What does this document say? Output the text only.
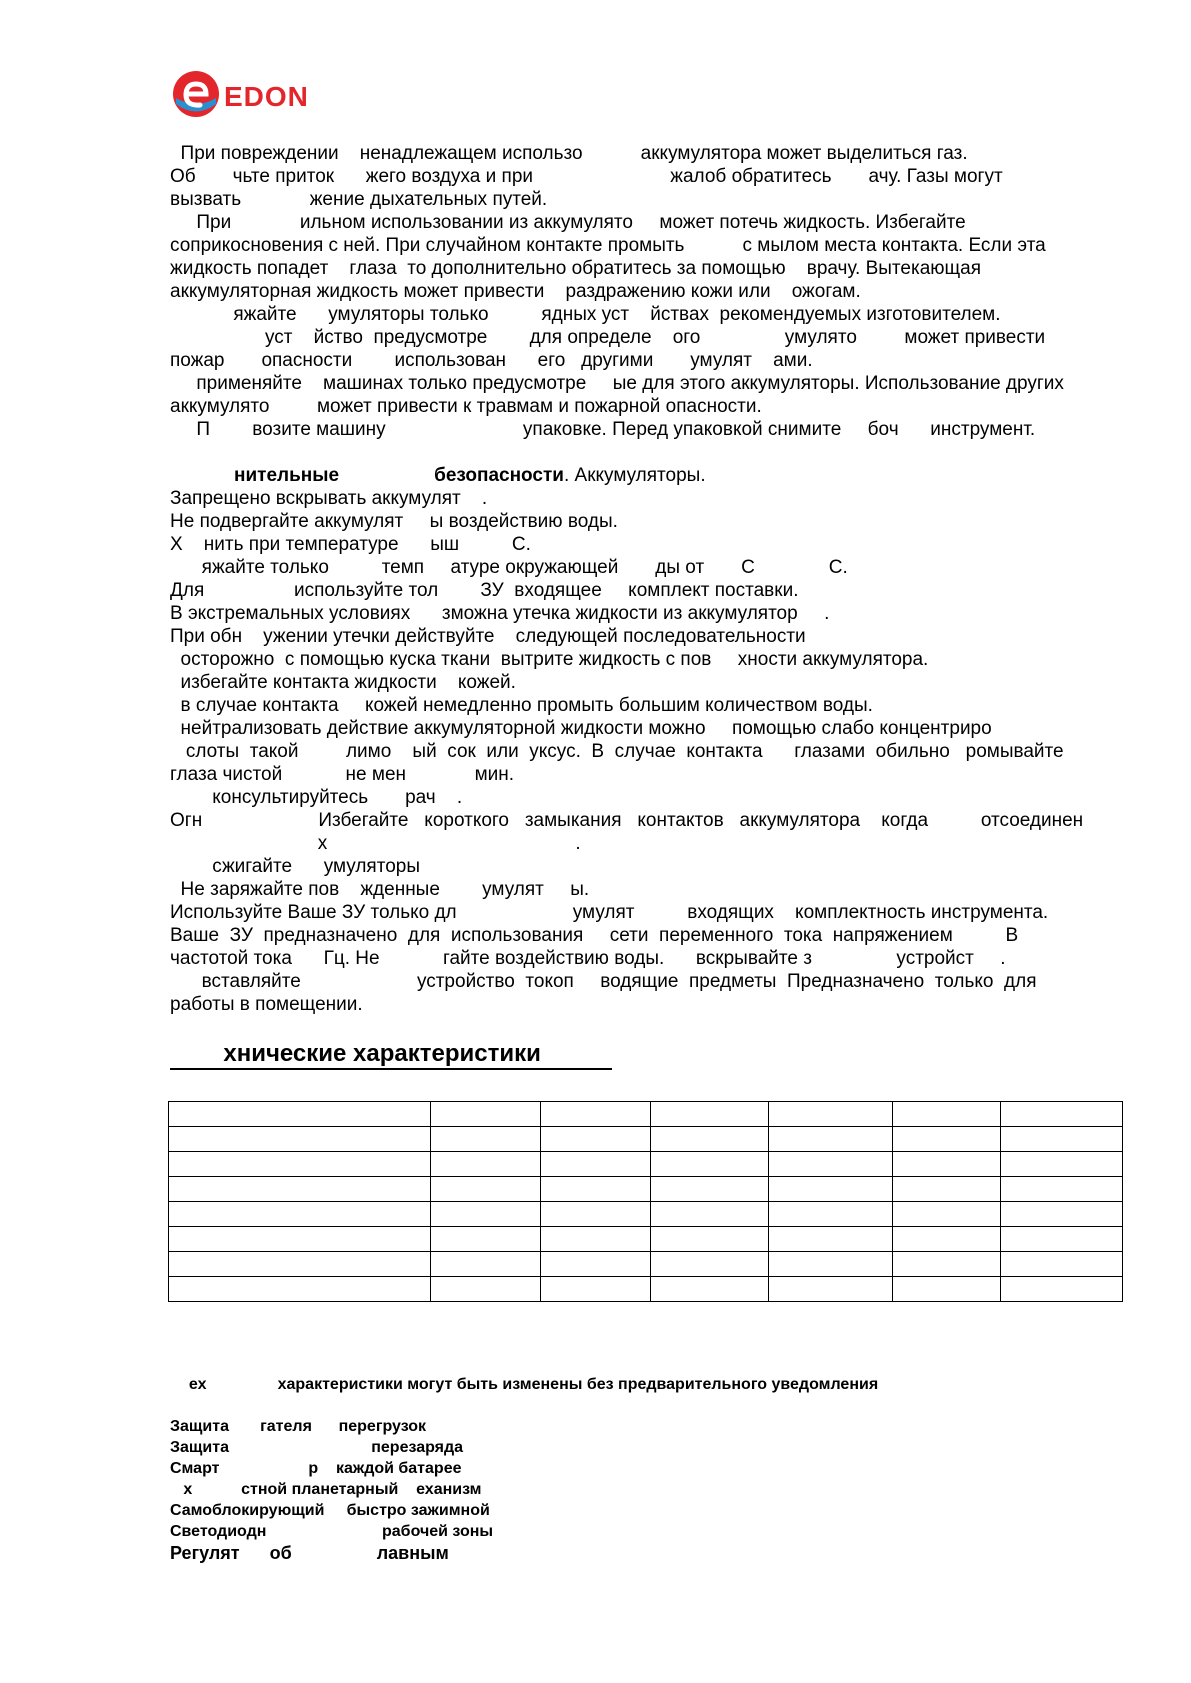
EDON
При повреждении    ненадлежащем использо           аккумулятора может выделиться газ.
Об       чьте приток      жего воздуха и при                          жалоб обратитесь       ачу. Газы могут
вызвать             жение дыхательных путей.
При             ильном использовании из аккумулято     может потечь жидкость. Избегайте
соприкосновения с ней. При случайном контакте промыть           с мылом места контакта. Если эта
жидкость попадет    глаза  то дополнительно обратитесь за помощью    врачу. Вытекающая
аккумуляторная жидкость может привести    раздражению кожи или    ожогам.
яжайте      умуляторы только          ядных уст    йствах  рекомендуемых изготовителем.
уст    йство  предусмотре        для определе    ого                умулято         может привести
пожар       опасности        использован      его   другими       умулят    ами.
применяйте    машинах только предусмотре     ые для этого аккумуляторы. Использование других
аккумулято         может привести к травмам и пожарной опасности.
П        возите машину                          упаковке. Перед упаковкой снимите     боч      инструмент.
нительные	безопасности. Аккумуляторы.
Запрещено вскрывать аккумулят    .
Не подвергайте аккумулят     ы воздействию воды.
Х    нить при температуре      ыш          С.
яжайте только          темп     атуре окружающей       ды от       С              С.
Для                 используйте тол        ЗУ  входящее     комплект поставки.
В экстремальных условиях      зможна утечка жидкости из аккумулятор     .
При обн    ужении утечки действуйте    следующей последовательности
осторожно  с помощью куска ткани  вытрите жидкость с пов     хности аккумулятора.
избегайте контакта жидкости    кожей.
в случае контакта     кожей немедленно промыть большим количеством воды.
нейтрализовать действие аккумуляторной жидкости можно     помощью слабо концентриро
слоты  такой         лимо    ый  сок  или  уксус.  В  случае  контакта      глазами  обильно   ромывайте
глаза чистой            не мен             мин.
консультируйтесь       рач    .
Огн                      Избегайте   короткого   замыкания   контактов   аккумулятора    когда          отсоединен
х                                               .
сжигайте      умуляторы
Не заряжайте пов    жденные        умулят     ы.
Используйте Ваше ЗУ только дл                      умулят          входящих    комплектность инструмента.
Ваше  ЗУ  предназначено  для  использования     сети  переменного  тока  напряжением          В
частотой тока      Гц. Не            гайте воздействию воды.      вскрывайте з                устройст     .
вставляйте                      устройство  токоп     водящие  предметы  Предназначено  только  для
работы в помещении.
хнические характеристики

ех                характеристики могут быть изменены без предварительного уведомления
Защита       гателя      перегрузок
Защита                                перезаряда
Смарт                    р    каждой батарее
х           стной планетарный    еханизм
Самоблокирующий     быстро зажимной
Светодиодн                          рабочей зоны
Регулят      об                 лавным
